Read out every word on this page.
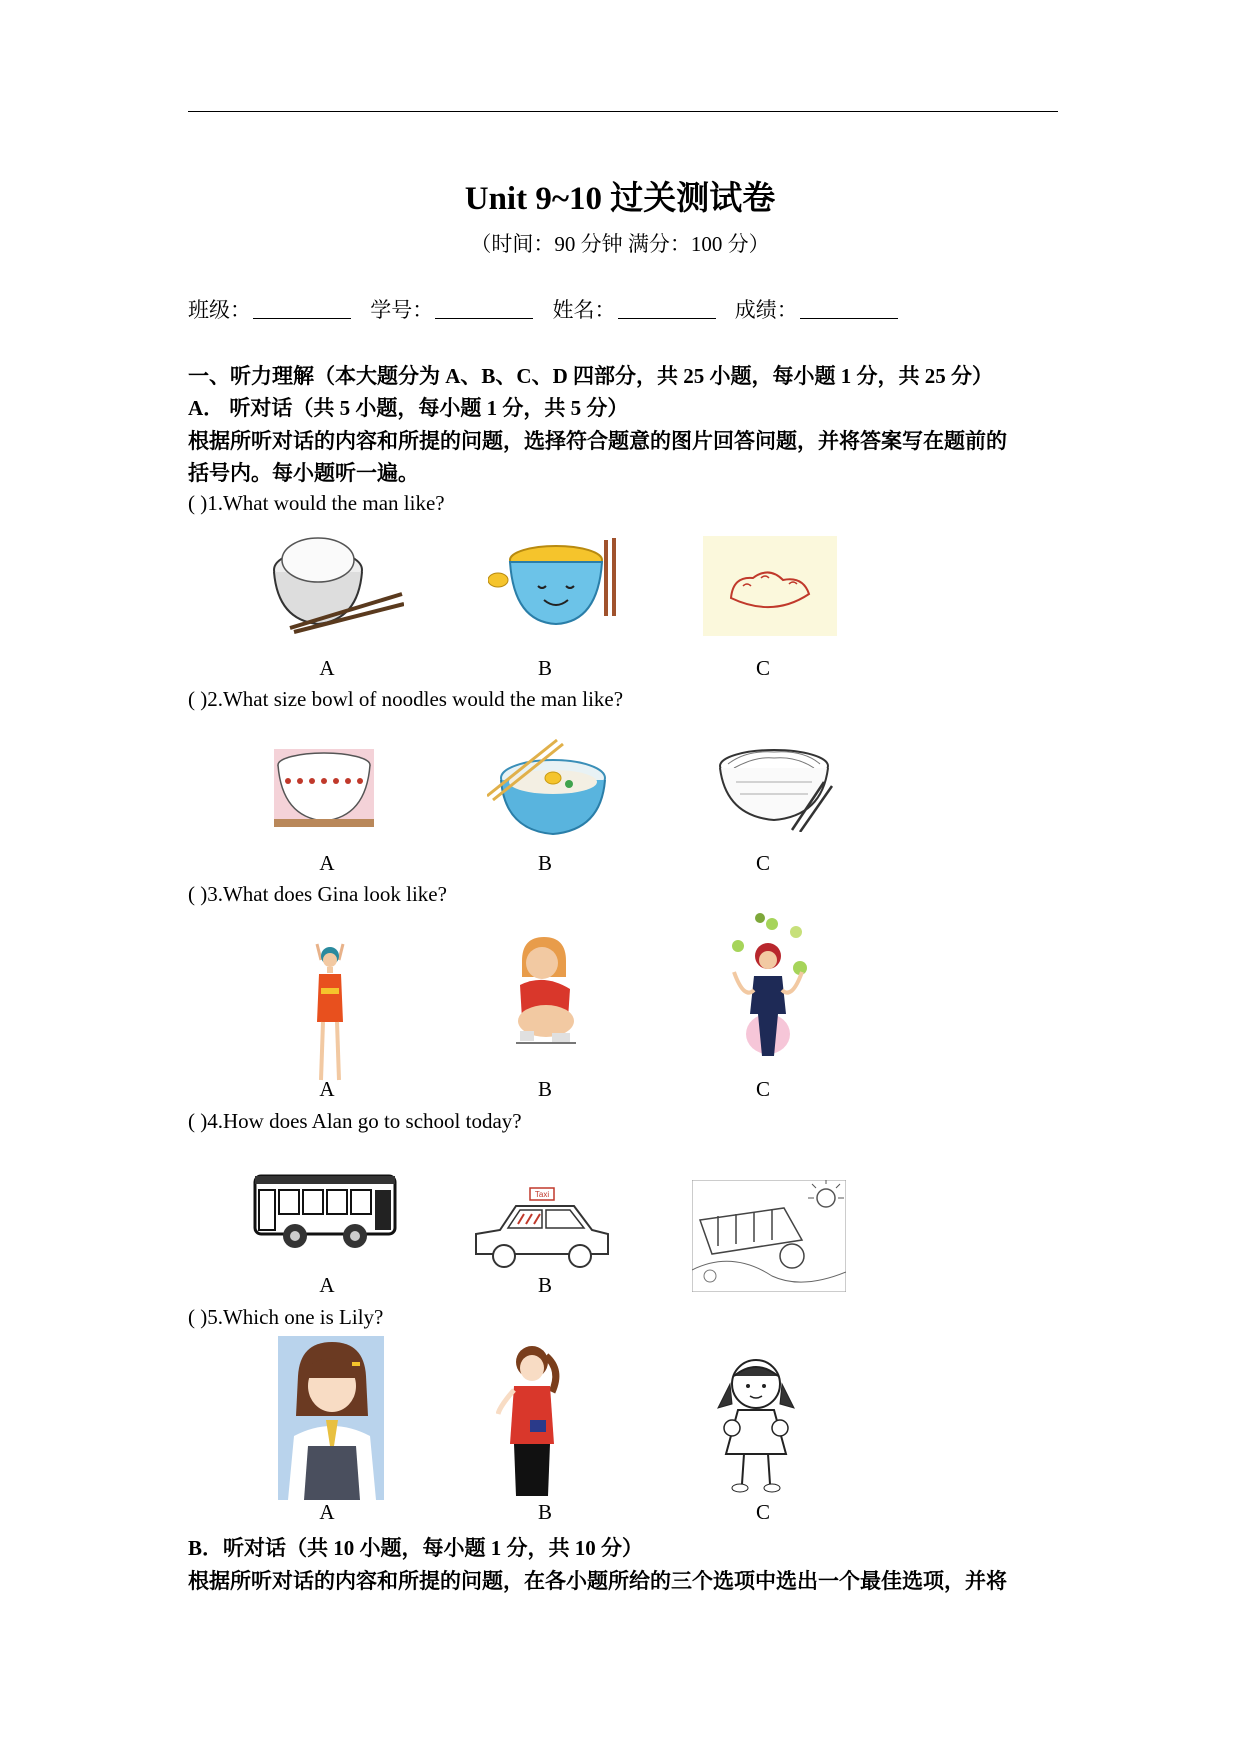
Unit 9~10 过关测试卷
（时间：90 分钟 满分：100 分）
班级：	学号：	姓名：	成绩：
一、听力理解（本大题分为 A、B、C、D 四部分，共 25 小题，每小题 1 分，共 25 分）
A． 听对话（共 5 小题，每小题 1 分，共 5 分）
根据所听对话的内容和所提的问题，选择符合题意的图片回答问题，并将答案写在题前的
括号内。每小题听一遍。
( )1.What would the man like?
A	B	C
( )2.What size bowl of noodles would the man like?
A	B	C
( )3.What does Gina look like?
A	B	C
( )4.How does Alan go to school today?
Taxi
A	B
( )5.Which one is Lily?
A	B	C
B．听对话（共 10 小题，每小题 1 分，共 10 分）
根据所听对话的内容和所提的问题，在各小题所给的三个选项中选出一个最佳选项，并将
